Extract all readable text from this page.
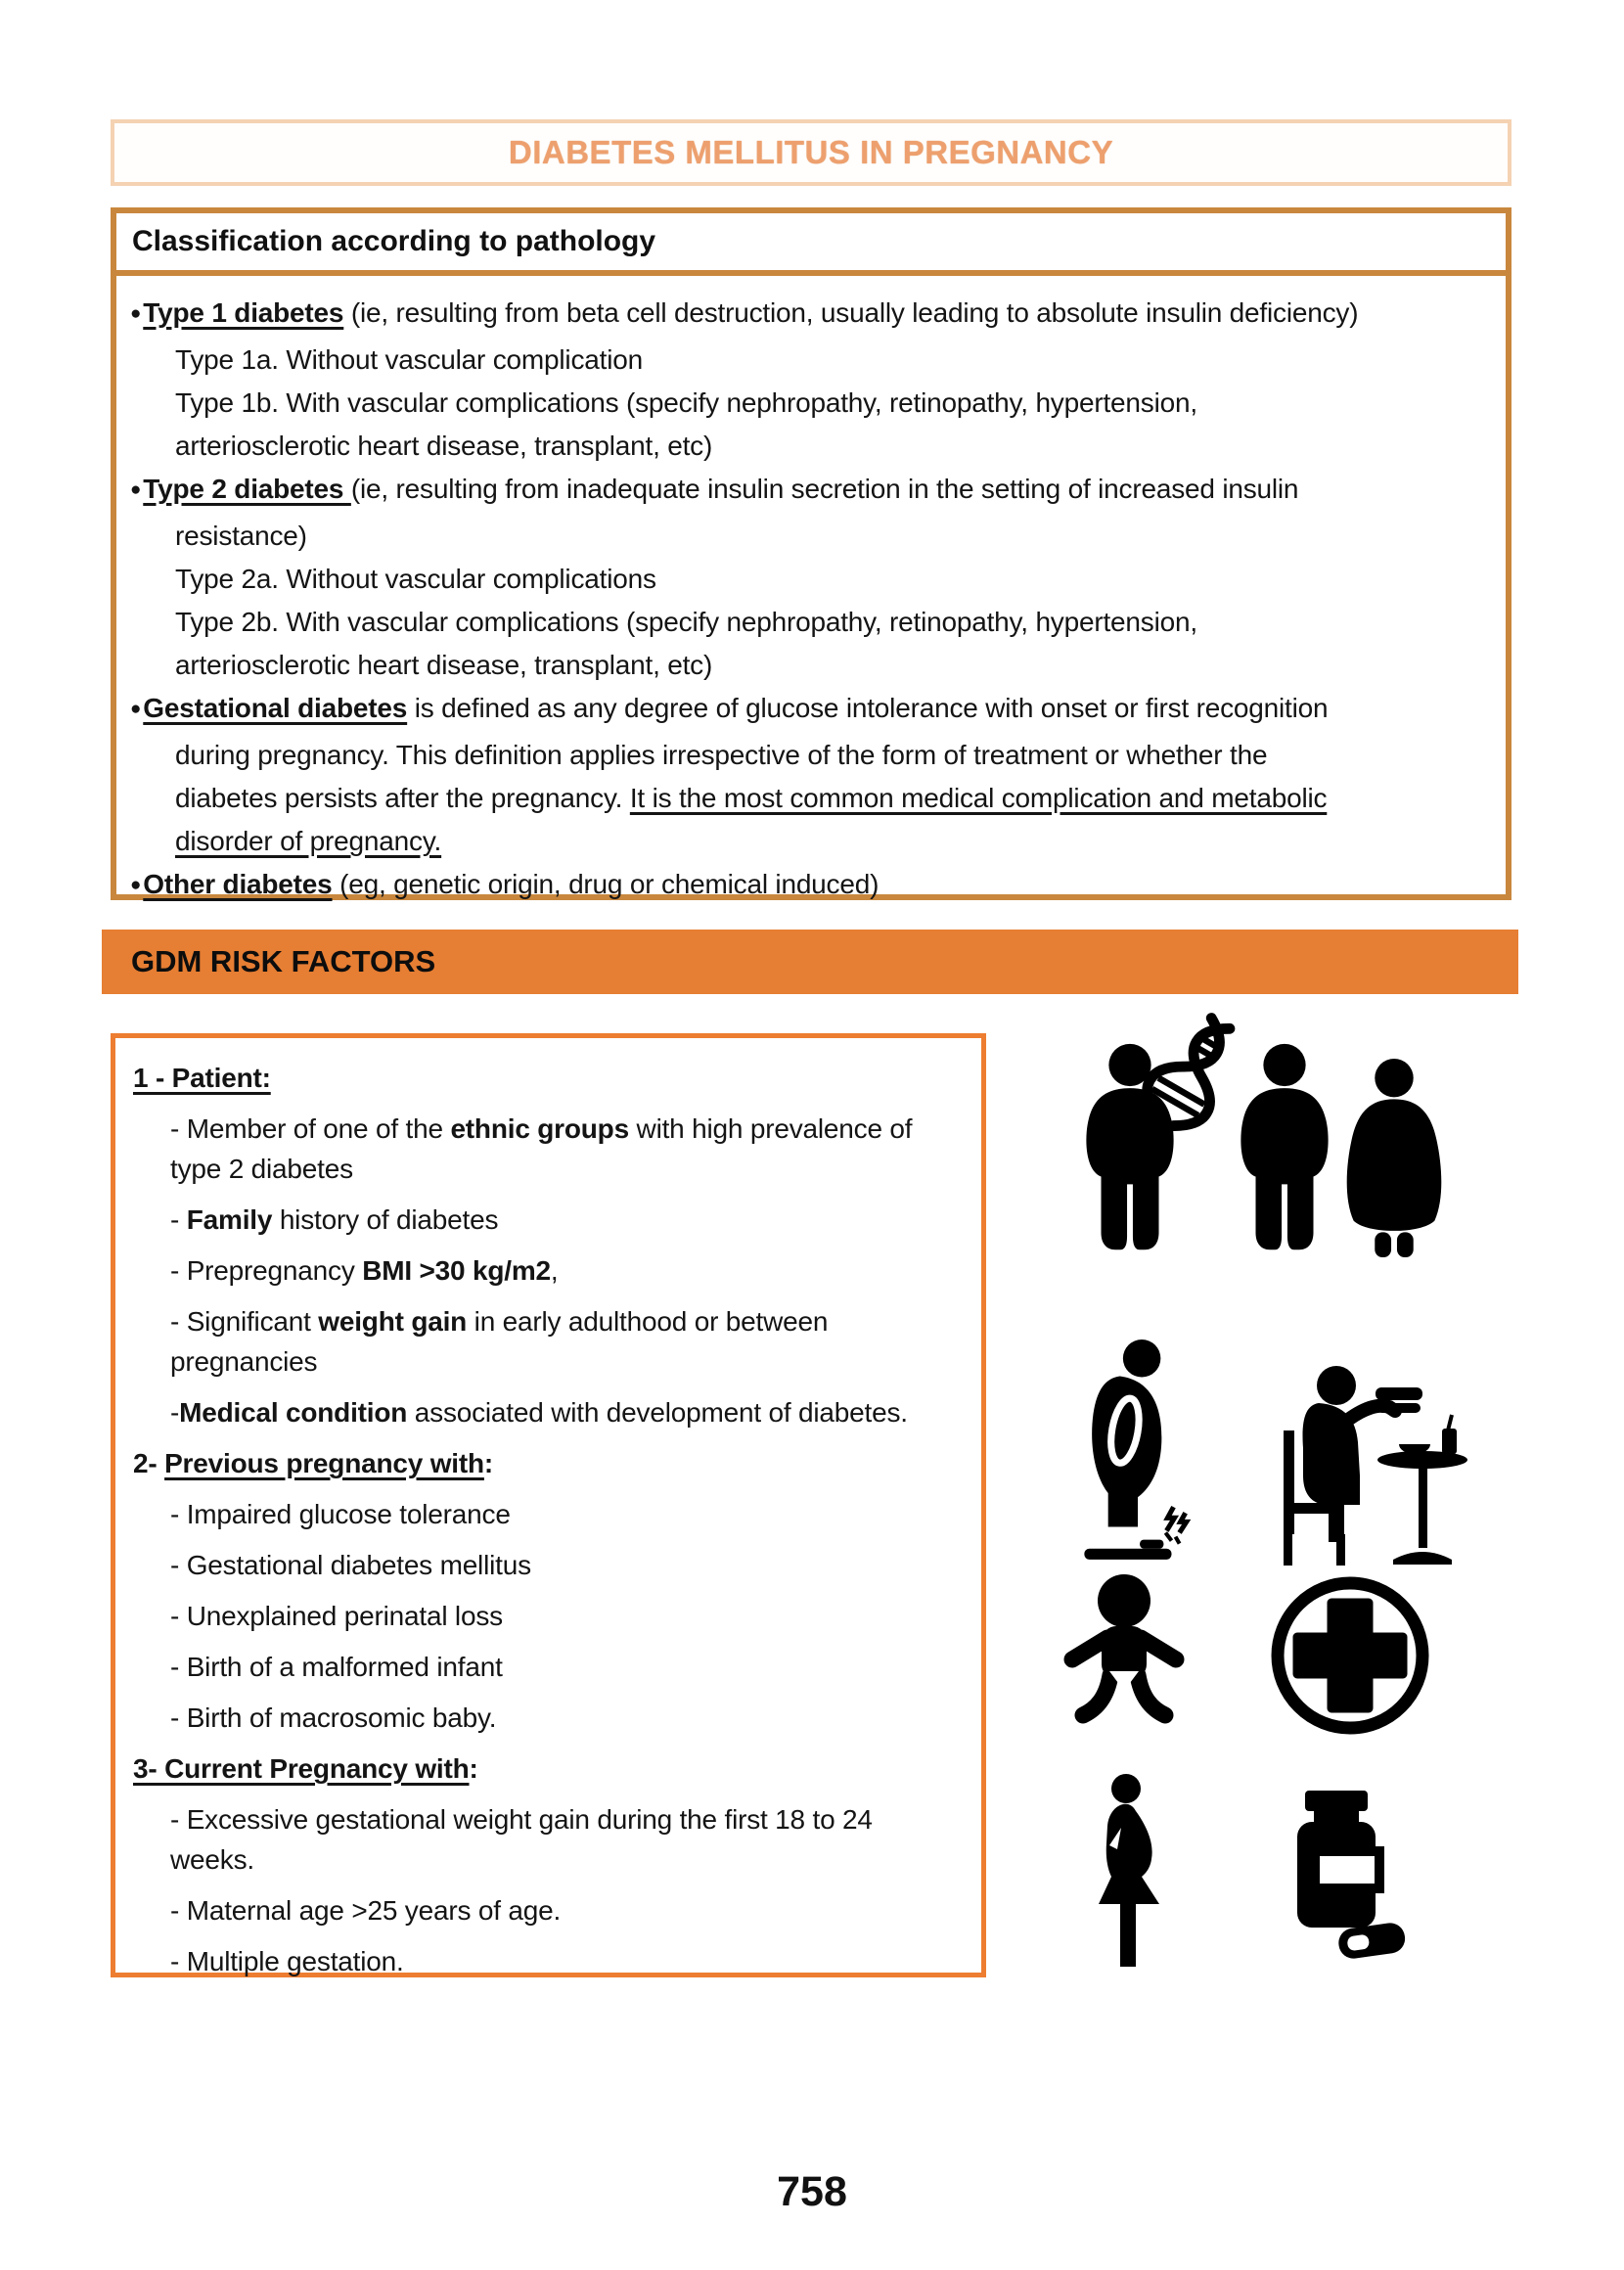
DIABETES MELLITUS IN PREGNANCY
Classification according to pathology
●Type 1 diabetes (ie, resulting from beta cell destruction, usually leading to absolute insulin deficiency)
Type 1a. Without vascular complication
Type 1b. With vascular complications (specify nephropathy, retinopathy, hypertension,
arteriosclerotic heart disease, transplant, etc)
●Type 2 diabetes (ie, resulting from inadequate insulin secretion in the setting of increased insulin
resistance)
Type 2a. Without vascular complications
Type 2b. With vascular complications (specify nephropathy, retinopathy, hypertension,
arteriosclerotic heart disease, transplant, etc)
●Gestational diabetes is defined as any degree of glucose intolerance with onset or first recognition
during pregnancy. This definition applies irrespective of the form of treatment or whether the
diabetes persists after the pregnancy. It is the most common medical complication and metabolic
disorder of pregnancy.
●Other diabetes (eg, genetic origin, drug or chemical induced)
GDM RISK FACTORS
1 - Patient:
- Member of one of the ethnic groups with high prevalence of type 2 diabetes
- Family history of diabetes
- Prepregnancy BMI >30 kg/m2,
- Significant weight gain in early adulthood or between pregnancies
-Medical condition associated with development of diabetes.
2- Previous pregnancy with:
- Impaired glucose tolerance
- Gestational diabetes mellitus
- Unexplained perinatal loss
- Birth of a malformed infant
- Birth of macrosomic baby.
3- Current Pregnancy with:
- Excessive gestational weight gain during the first 18 to 24 weeks.
- Maternal age >25 years of age.
- Multiple gestation.
758
